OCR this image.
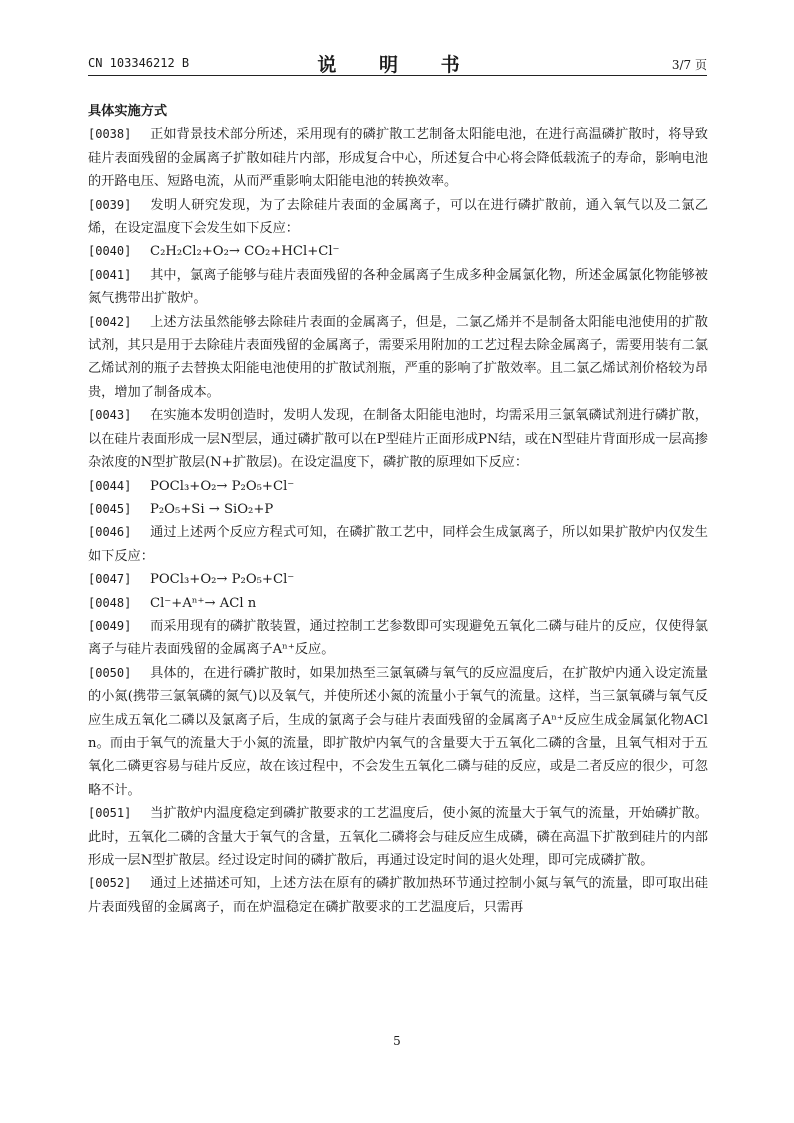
CN 103346212 B	说 明 书	3/7 页

具体实施方式

[0038] 正如背景技术部分所述，采用现有的磷扩散工艺制备太阳能电池，在进行高温磷扩散时，将导致硅片表面残留的金属离子扩散如硅片内部，形成复合中心，所述复合中心将会降低载流子的寿命，影响电池的开路电压、短路电流，从而严重影响太阳能电池的转换效率。

[0039] 发明人研究发现，为了去除硅片表面的金属离子，可以在进行磷扩散前，通入氧气以及二氯乙烯，在设定温度下会发生如下反应：

[0040] C₂H₂Cl₂+O₂→ CO₂+HCl+Cl⁻

[0041] 其中，氯离子能够与硅片表面残留的各种金属离子生成多种金属氯化物，所述金属氯化物能够被氮气携带出扩散炉。

[0042] 上述方法虽然能够去除硅片表面的金属离子，但是，二氯乙烯并不是制备太阳能电池使用的扩散试剂，其只是用于去除硅片表面残留的金属离子，需要采用附加的工艺过程去除金属离子，需要用装有二氯乙烯试剂的瓶子去替换太阳能电池使用的扩散试剂瓶，严重的影响了扩散效率。且二氯乙烯试剂价格较为昂贵，增加了制备成本。

[0043] 在实施本发明创造时，发明人发现，在制备太阳能电池时，均需采用三氯氧磷试剂进行磷扩散，以在硅片表面形成一层N型层，通过磷扩散可以在P型硅片正面形成PN结，或在N型硅片背面形成一层高掺杂浓度的N型扩散层(N+扩散层)。在设定温度下，磷扩散的原理如下反应：

[0044] POCl₃+O₂→ P₂O₅+Cl⁻

[0045] P₂O₅+Si → SiO₂+P

[0046] 通过上述两个反应方程式可知，在磷扩散工艺中，同样会生成氯离子，所以如果扩散炉内仅发生如下反应：

[0047] POCl₃+O₂→ P₂O₅+Cl⁻

[0048] Cl⁻+Aⁿ⁺→ ACl n

[0049] 而采用现有的磷扩散装置，通过控制工艺参数即可实现避免五氧化二磷与硅片的反应，仅使得氯离子与硅片表面残留的金属离子Aⁿ⁺反应。

[0050] 具体的，在进行磷扩散时，如果加热至三氯氧磷与氧气的反应温度后，在扩散炉内通入设定流量的小氮(携带三氯氧磷的氮气)以及氧气，并使所述小氮的流量小于氧气的流量。这样，当三氯氧磷与氧气反应生成五氧化二磷以及氯离子后，生成的氯离子会与硅片表面残留的金属离子Aⁿ⁺反应生成金属氯化物ACl n。而由于氧气的流量大于小氮的流量，即扩散炉内氧气的含量要大于五氧化二磷的含量，且氧气相对于五氧化二磷更容易与硅片反应，故在该过程中，不会发生五氧化二磷与硅的反应，或是二者反应的很少，可忽略不计。

[0051] 当扩散炉内温度稳定到磷扩散要求的工艺温度后，使小氮的流量大于氧气的流量，开始磷扩散。此时，五氧化二磷的含量大于氧气的含量，五氧化二磷将会与硅反应生成磷，磷在高温下扩散到硅片的内部形成一层N型扩散层。经过设定时间的磷扩散后，再通过设定时间的退火处理，即可完成磷扩散。

[0052] 通过上述描述可知，上述方法在原有的磷扩散加热环节通过控制小氮与氧气的流量，即可取出硅片表面残留的金属离子，而在炉温稳定在磷扩散要求的工艺温度后，只需再

5
